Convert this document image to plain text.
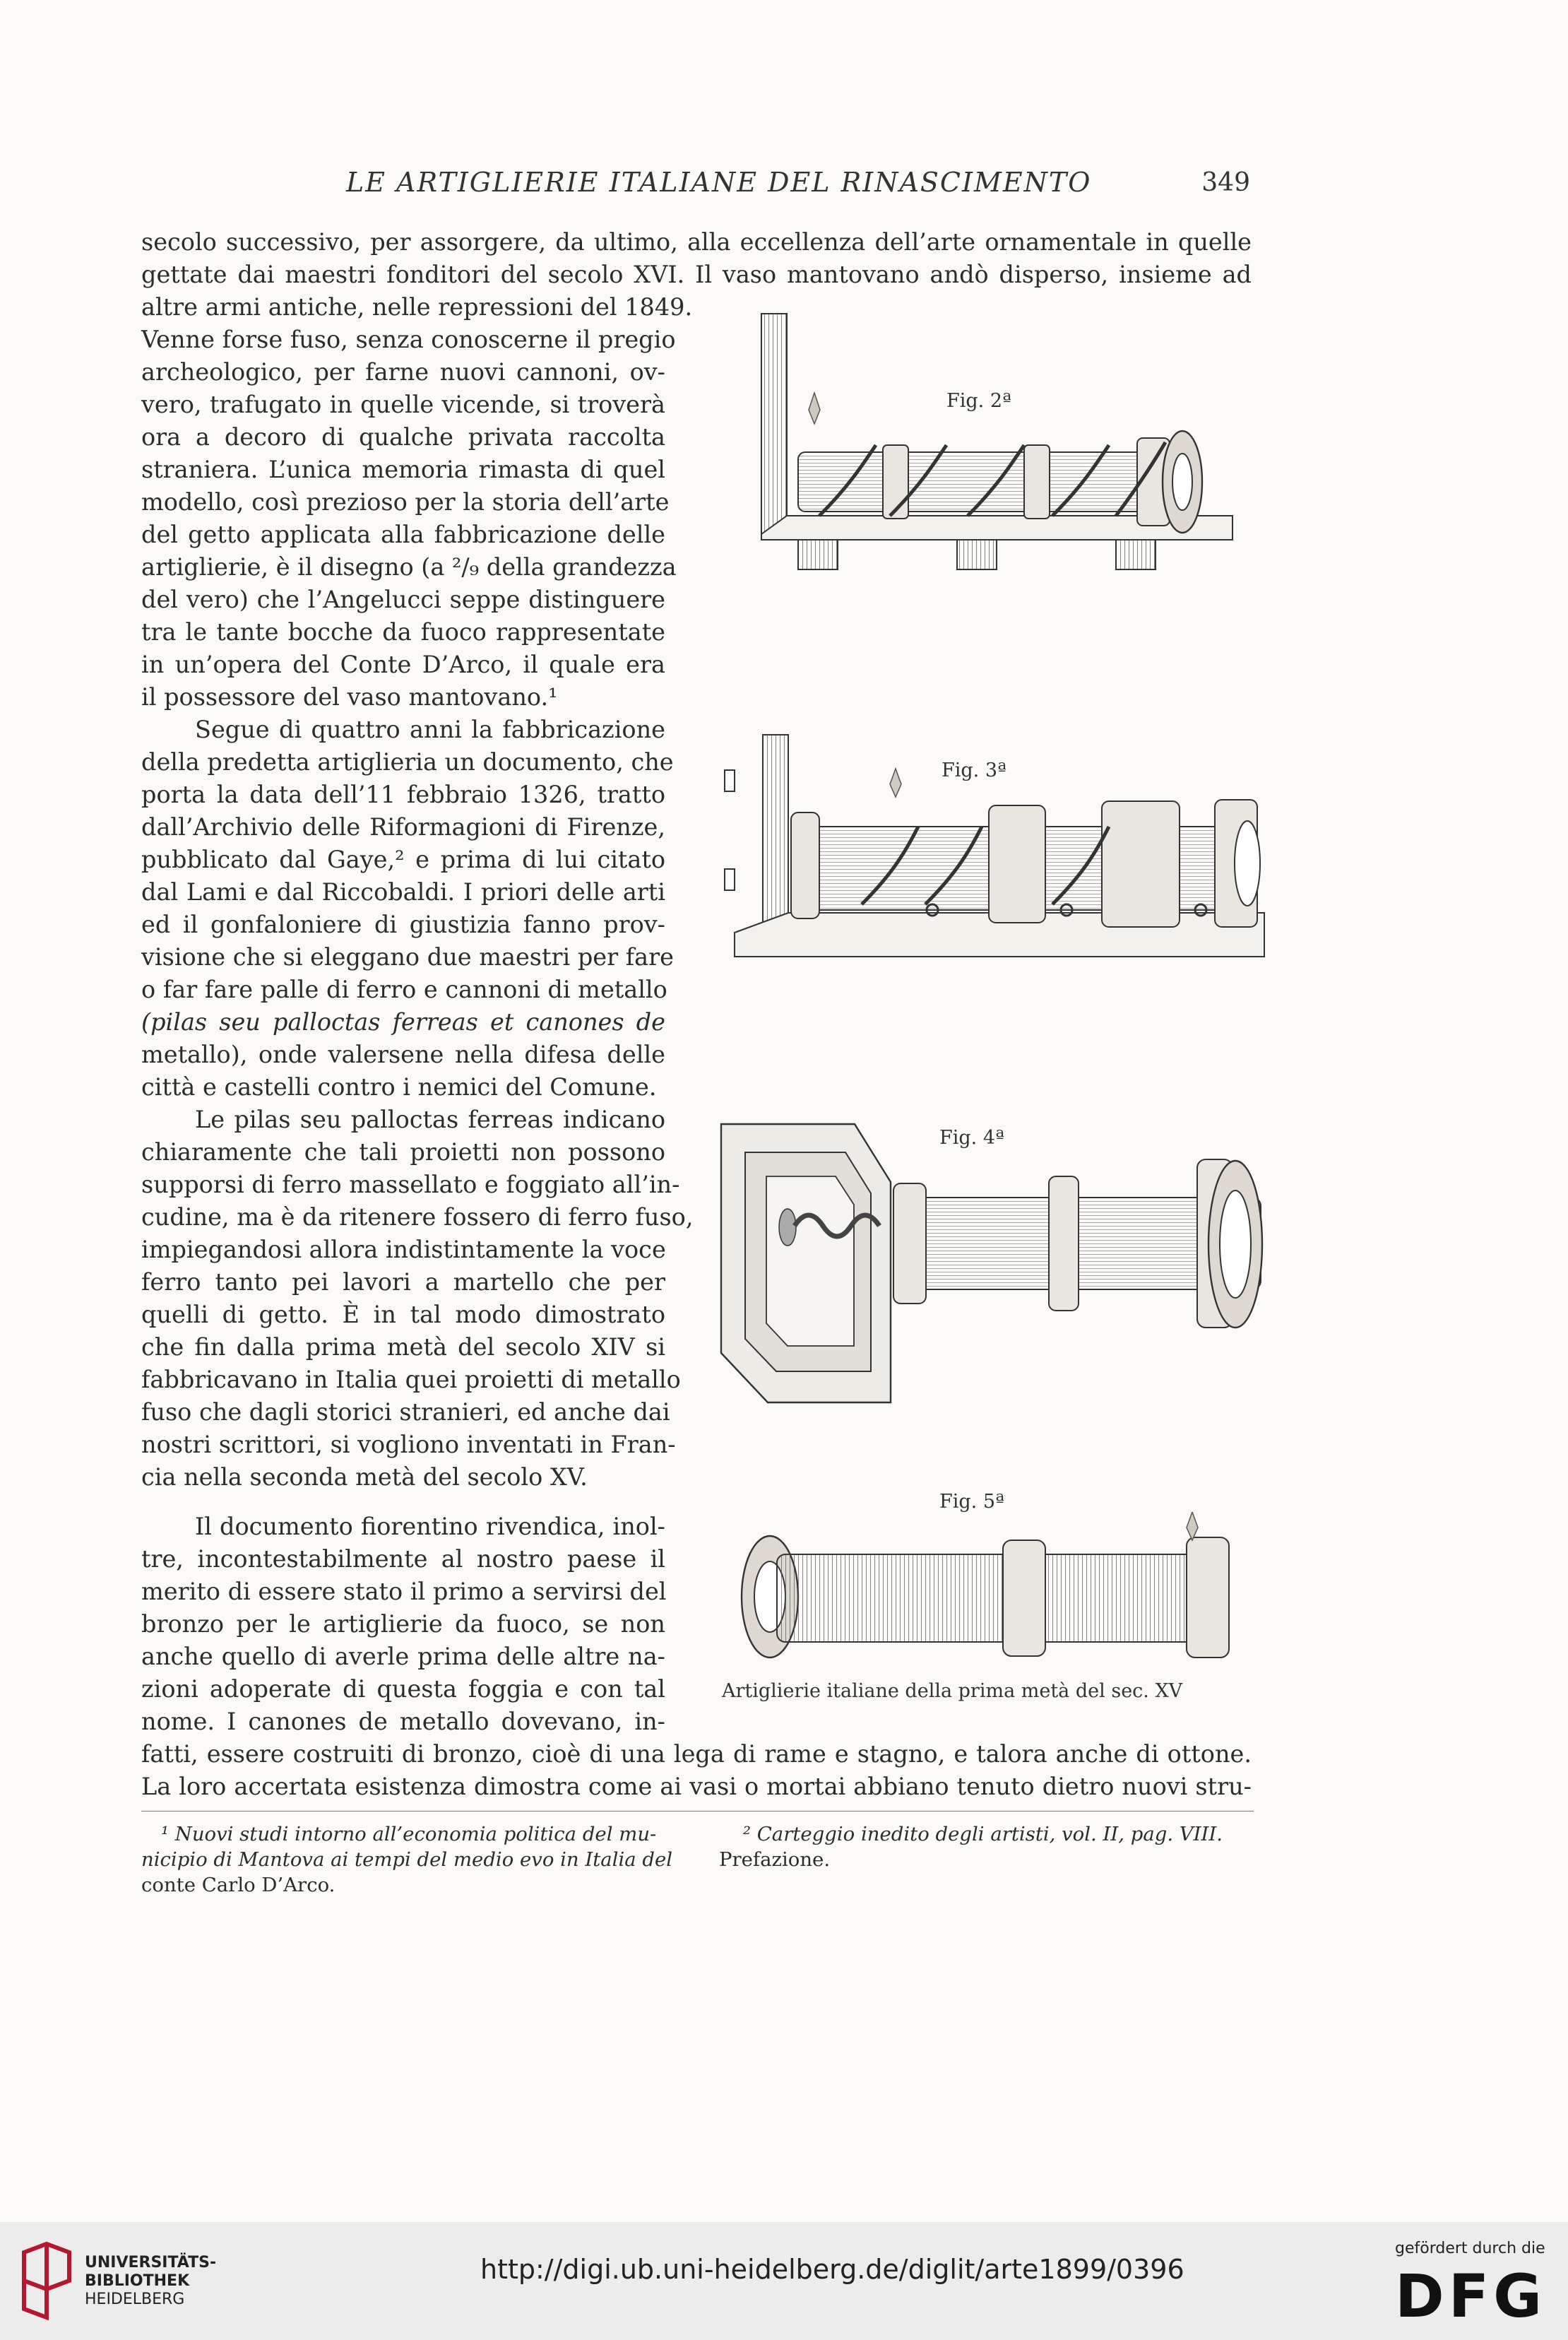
LE ARTIGLIERIE ITALIANE DEL RINASCIMENTO	349
secolo successivo, per assorgere, da ultimo, alla eccellenza dell’arte ornamentale in quelle
gettate dai maestri fonditori del secolo XVI. Il vaso mantovano andò disperso, insieme ad
altre armi antiche, nelle repressioni del 1849.
Venne forse fuso, senza conoscerne il pregio
archeologico, per farne nuovi cannoni, ov-
vero, trafugato in quelle vicende, si troverà
ora a decoro di qualche privata raccolta
straniera. L’unica memoria rimasta di quel
modello, così prezioso per la storia dell’arte
del getto applicata alla fabbricazione delle
artiglierie, è il disegno (a ²/₉ della grandezza
del vero) che l’Angelucci seppe distinguere
tra le tante bocche da fuoco rappresentate
in un’opera del Conte D’Arco, il quale era
il possessore del vaso mantovano.¹
Segue di quattro anni la fabbricazione
della predetta artiglieria un documento, che
porta la data dell’11 febbraio 1326, tratto
dall’Archivio delle Riformagioni di Firenze,
pubblicato dal Gaye,² e prima di lui citato
dal Lami e dal Riccobaldi. I priori delle arti
ed il gonfaloniere di giustizia fanno prov-
visione che si eleggano due maestri per fare
o far fare palle di ferro e cannoni di metallo
(pilas seu palloctas ferreas et canones de
metallo), onde valersene nella difesa delle
città e castelli contro i nemici del Comune.
Le pilas seu palloctas ferreas indicano
chiaramente che tali proietti non possono
supporsi di ferro massellato e foggiato all’in-
cudine, ma è da ritenere fossero di ferro fuso,
impiegandosi allora indistintamente la voce
ferro tanto pei lavori a martello che per
quelli di getto. È in tal modo dimostrato
che fin dalla prima metà del secolo XIV si
fabbricavano in Italia quei proietti di metallo
fuso che dagli storici stranieri, ed anche dai
nostri scrittori, si vogliono inventati in Fran-
cia nella seconda metà del secolo XV.
Il documento fiorentino rivendica, inol-
tre, incontestabilmente al nostro paese il
merito di essere stato il primo a servirsi del
bronzo per le artiglierie da fuoco, se non
anche quello di averle prima delle altre na-
zioni adoperate di questa foggia e con tal
nome. I canones de metallo dovevano, in-
fatti, essere costruiti di bronzo, cioè di una lega di rame e stagno, e talora anche di ottone.
La loro accertata esistenza dimostra come ai vasi o mortai abbiano tenuto dietro nuovi stru-
Fig. 2ª
Fig. 3ª
Fig. 4ª
Fig. 5ª
Artiglierie italiane della prima metà del sec. XV
¹ Nuovi studi intorno all’economia politica del mu-
nicipio di Mantova ai tempi del medio evo in Italia del
conte Carlo D’Arco.
² Carteggio inedito degli artisti, vol. II, pag. VIII.
Prefazione.
UNIVERSITÄTS-
BIBLIOTHEK
HEIDELBERG
http://digi.ub.uni-heidelberg.de/diglit/arte1899/0396
gefördert durch die
DFG
